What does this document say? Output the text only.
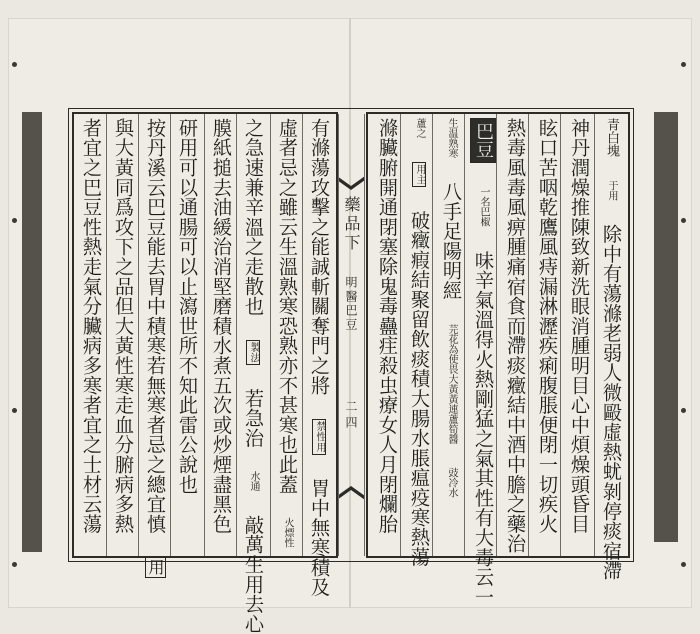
青白塊 于用 除中有蕩滌老弱人微毆虛熱蚘剝停痰宿滯
神丹潤燥推陳致新洗眼消腫明目心中煩燥頭昏目
眩口苦咽乾鷹風痔漏淋瀝疾痢腹脹便閉一切疾火
熱毒風毒風痹腫痛宿食而滯痰癥結中酒中膽之藥治
巴豆 一名巴椒 味辛氣溫得火熱剛猛之氣其性有大毒云一
生温熟寒 八手足陽明經 芫花為使畏大黃黃連蘆筍醬 豉冷水
蘆之 用主 破癥瘕結聚留飲痰積大腸水脹瘟疫寒熱蕩
滌臟腑開通閉塞除鬼毒蠱疰殺虫療女人月閉爛胎
藥品下
明醫巴豆
二四
有滌蕩攻擊之能誠斬關奪門之將 禁性用 胃中無寒積及
虛者忌之雖云生溫熟寒恐熟亦不甚寒也此蓋 火熛性
之急速兼辛溫之走散也 製法 若急治 水通 敲萬生用去心
膜紙搥去油緩治消堅磨積水煮五次或炒煙盡黑色
研用可以通腸可以止瀉世所不知此雷公說也
按丹溪云巴豆能去胃中積寒若無寒者忌之總宜慎 用
與大黃同爲攻下之品但大黃性寒走血分腑病多熱
者宜之巴豆性熱走氣分臟病多寒者宜之士材云蕩
